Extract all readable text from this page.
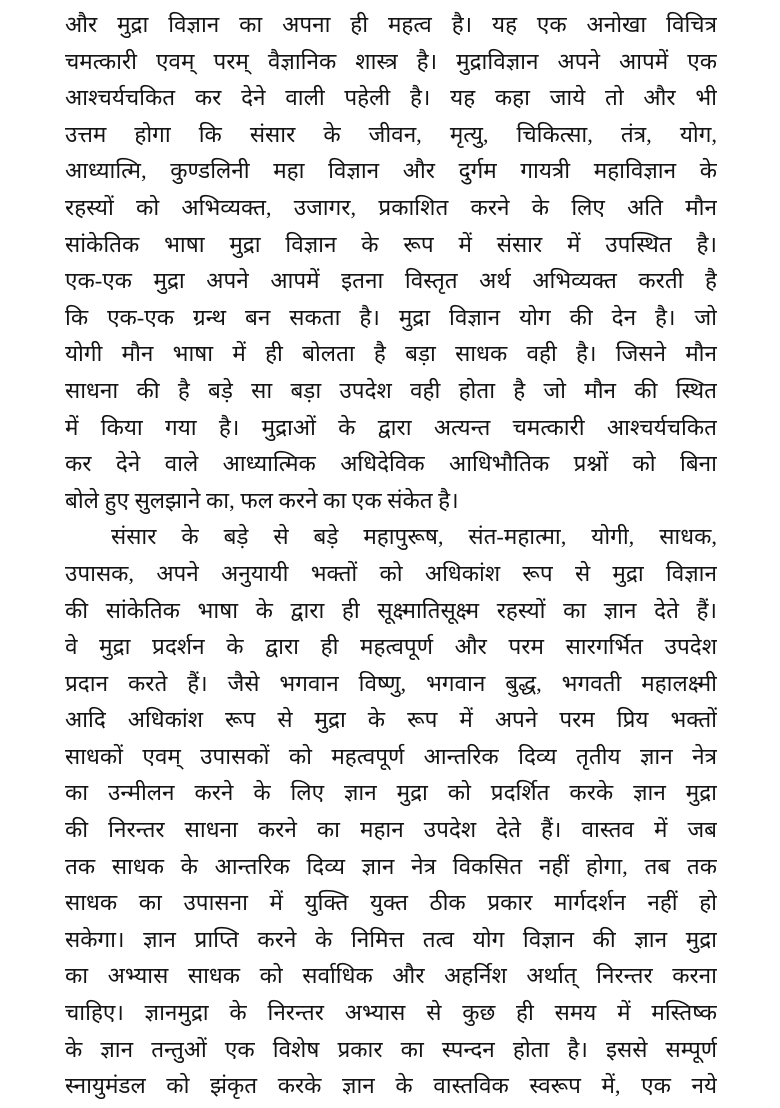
और मुद्रा विज्ञान का अपना ही महत्व है। यह एक अनोखा विचित्र
चमत्कारी एवम् परम् वैज्ञानिक शास्त्र है। मुद्राविज्ञान अपने आपमें एक
आश्चर्यचकित कर देने वाली पहेली है। यह कहा जाये तो और भी
उत्तम होगा कि संसार के जीवन, मृत्यु, चिकित्सा, तंत्र, योग,
आध्यात्मि, कुण्डलिनी महा विज्ञान और दुर्गम गायत्री महाविज्ञान के
रहस्यों को अभिव्यक्त, उजागर, प्रकाशित करने के लिए अति मौन
सांकेतिक भाषा मुद्रा विज्ञान के रूप में संसार में उपस्थित है।
एक-एक मुद्रा अपने आपमें इतना विस्तृत अर्थ अभिव्यक्त करती है
कि एक-एक ग्रन्थ बन सकता है। मुद्रा विज्ञान योग की देन है। जो
योगी मौन भाषा में ही बोलता है बड़ा साधक वही है। जिसने मौन
साधना की है बड़े सा बड़ा उपदेश वही होता है जो मौन की स्थित
में किया गया है। मुद्राओं के द्वारा अत्यन्त चमत्कारी आश्चर्यचकित
कर देने वाले आध्यात्मिक अधिदेविक आधिभौतिक प्रश्नों को बिना
बोले हुए सुलझाने का, फल करने का एक संकेत है।
संसार के बड़े से बड़े महापुरूष, संत-महात्मा, योगी, साधक,
उपासक, अपने अनुयायी भक्तों को अधिकांश रूप से मुद्रा विज्ञान
की सांकेतिक भाषा के द्वारा ही सूक्ष्मातिसूक्ष्म रहस्यों का ज्ञान देते हैं।
वे मुद्रा प्रदर्शन के द्वारा ही महत्वपूर्ण और परम सारगर्भित उपदेश
प्रदान करते हैं। जैसे भगवान विष्णु, भगवान बुद्ध, भगवती महालक्ष्मी
आदि अधिकांश रूप से मुद्रा के रूप में अपने परम प्रिय भक्तों
साधकों एवम् उपासकों को महत्वपूर्ण आन्तरिक दिव्य तृतीय ज्ञान नेत्र
का उन्मीलन करने के लिए ज्ञान मुद्रा को प्रदर्शित करके ज्ञान मुद्रा
की निरन्तर साधना करने का महान उपदेश देते हैं। वास्तव में जब
तक साधक के आन्तरिक दिव्य ज्ञान नेत्र विकसित नहीं होगा, तब तक
साधक का उपासना में युक्ति युक्त ठीक प्रकार मार्गदर्शन नहीं हो
सकेगा। ज्ञान प्राप्ति करने के निमित्त तत्व योग विज्ञान की ज्ञान मुद्रा
का अभ्यास साधक को सर्वाधिक और अहर्निश अर्थात् निरन्तर करना
चाहिए। ज्ञानमुद्रा के निरन्तर अभ्यास से कुछ ही समय में मस्तिष्क
के ज्ञान तन्तुओं एक विशेष प्रकार का स्पन्दन होता है। इससे सम्पूर्ण
स्नायुमंडल को झंकृत करके ज्ञान के वास्तविक स्वरूप में, एक नये
